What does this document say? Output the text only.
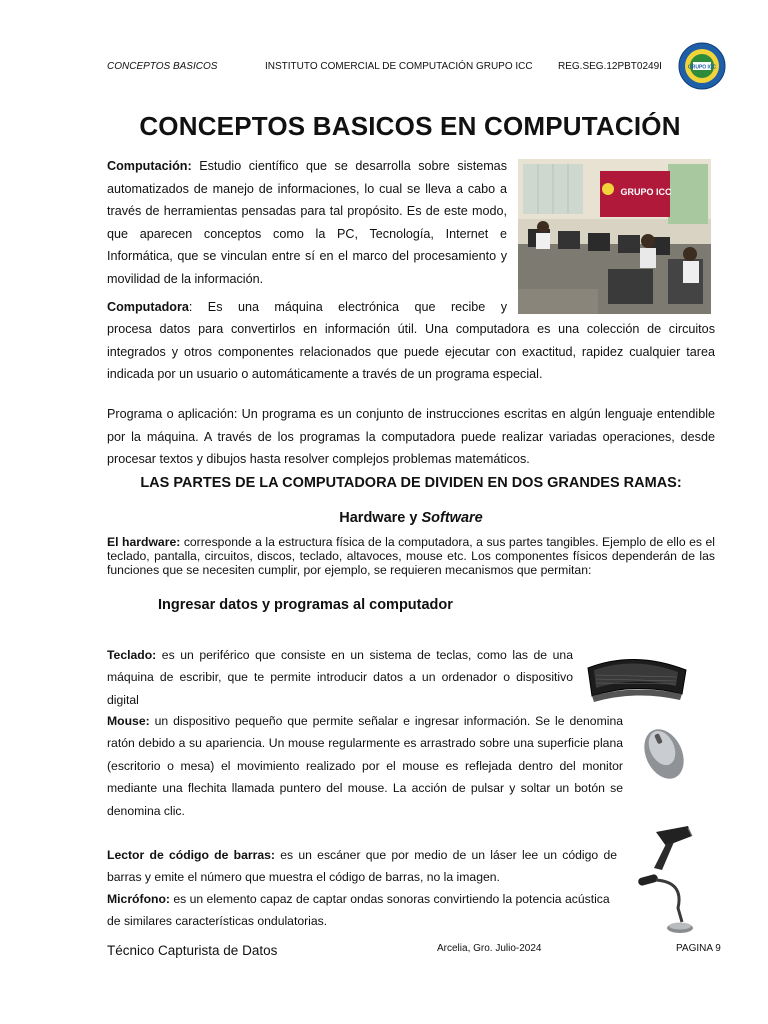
CONCEPTOS BASICOS	INSTITUTO COMERCIAL DE COMPUTACIÓN GRUPO ICC	REG.SEG.12PBT0249I	GRUPO ICC
CONCEPTOS BASICOS EN COMPUTACIÓN
GRUPO ICC
Computación: Estudio científico que se desarrolla sobre sistemas
automatizados de manejo de informaciones, lo cual se lleva a cabo a
través de herramientas pensadas para tal propósito. Es de este modo,
que aparecen conceptos como la PC, Tecnología, Internet e
Informática, que se vinculan entre sí en el marco del procesamiento y
movilidad de la información.
Computadora: Es una máquina electrónica que recibe y
procesa datos para convertirlos en información útil. Una computadora es una colección de circuitos integrados y otros componentes relacionados que puede ejecutar con exactitud, rapidez cualquier tarea indicada por un usuario o automáticamente a través de un programa especial.
Programa o aplicación: Un programa es un conjunto de instrucciones escritas en algún lenguaje entendible por la máquina. A través de los programas la computadora puede realizar variadas operaciones, desde procesar textos y dibujos hasta resolver complejos problemas matemáticos.
LAS PARTES DE LA COMPUTADORA DE DIVIDEN EN DOS GRANDES RAMAS:
Hardware y Software
El hardware: corresponde a la estructura física de la computadora, a sus partes tangibles. Ejemplo de ello es el teclado, pantalla, circuitos, discos, teclado, altavoces, mouse etc. Los componentes físicos dependerán de las funciones que se necesiten cumplir, por ejemplo, se requieren mecanismos que permitan:
Ingresar datos y programas al computador
Teclado: es un periférico que consiste en un sistema de teclas, como las de una máquina de escribir, que te permite introducir datos a un ordenador o dispositivo digital
Mouse: un dispositivo pequeño que permite señalar e ingresar información. Se le denomina ratón debido a su apariencia. Un mouse regularmente es arrastrado sobre una superficie plana (escritorio o mesa) el movimiento realizado por el mouse es reflejada dentro del monitor mediante una flechita llamada puntero del mouse. La acción de pulsar y soltar un botón se denomina clic.
Lector de código de barras: es un escáner que por medio de un láser lee un código de barras y emite el número que muestra el código de barras, no la imagen.
Micrófono: es un elemento capaz de captar ondas sonoras convirtiendo la potencia acústica
de similares características ondulatorias.
Técnico Capturista de Datos	Arcelia, Gro. Julio-2024	PAGINA 9
